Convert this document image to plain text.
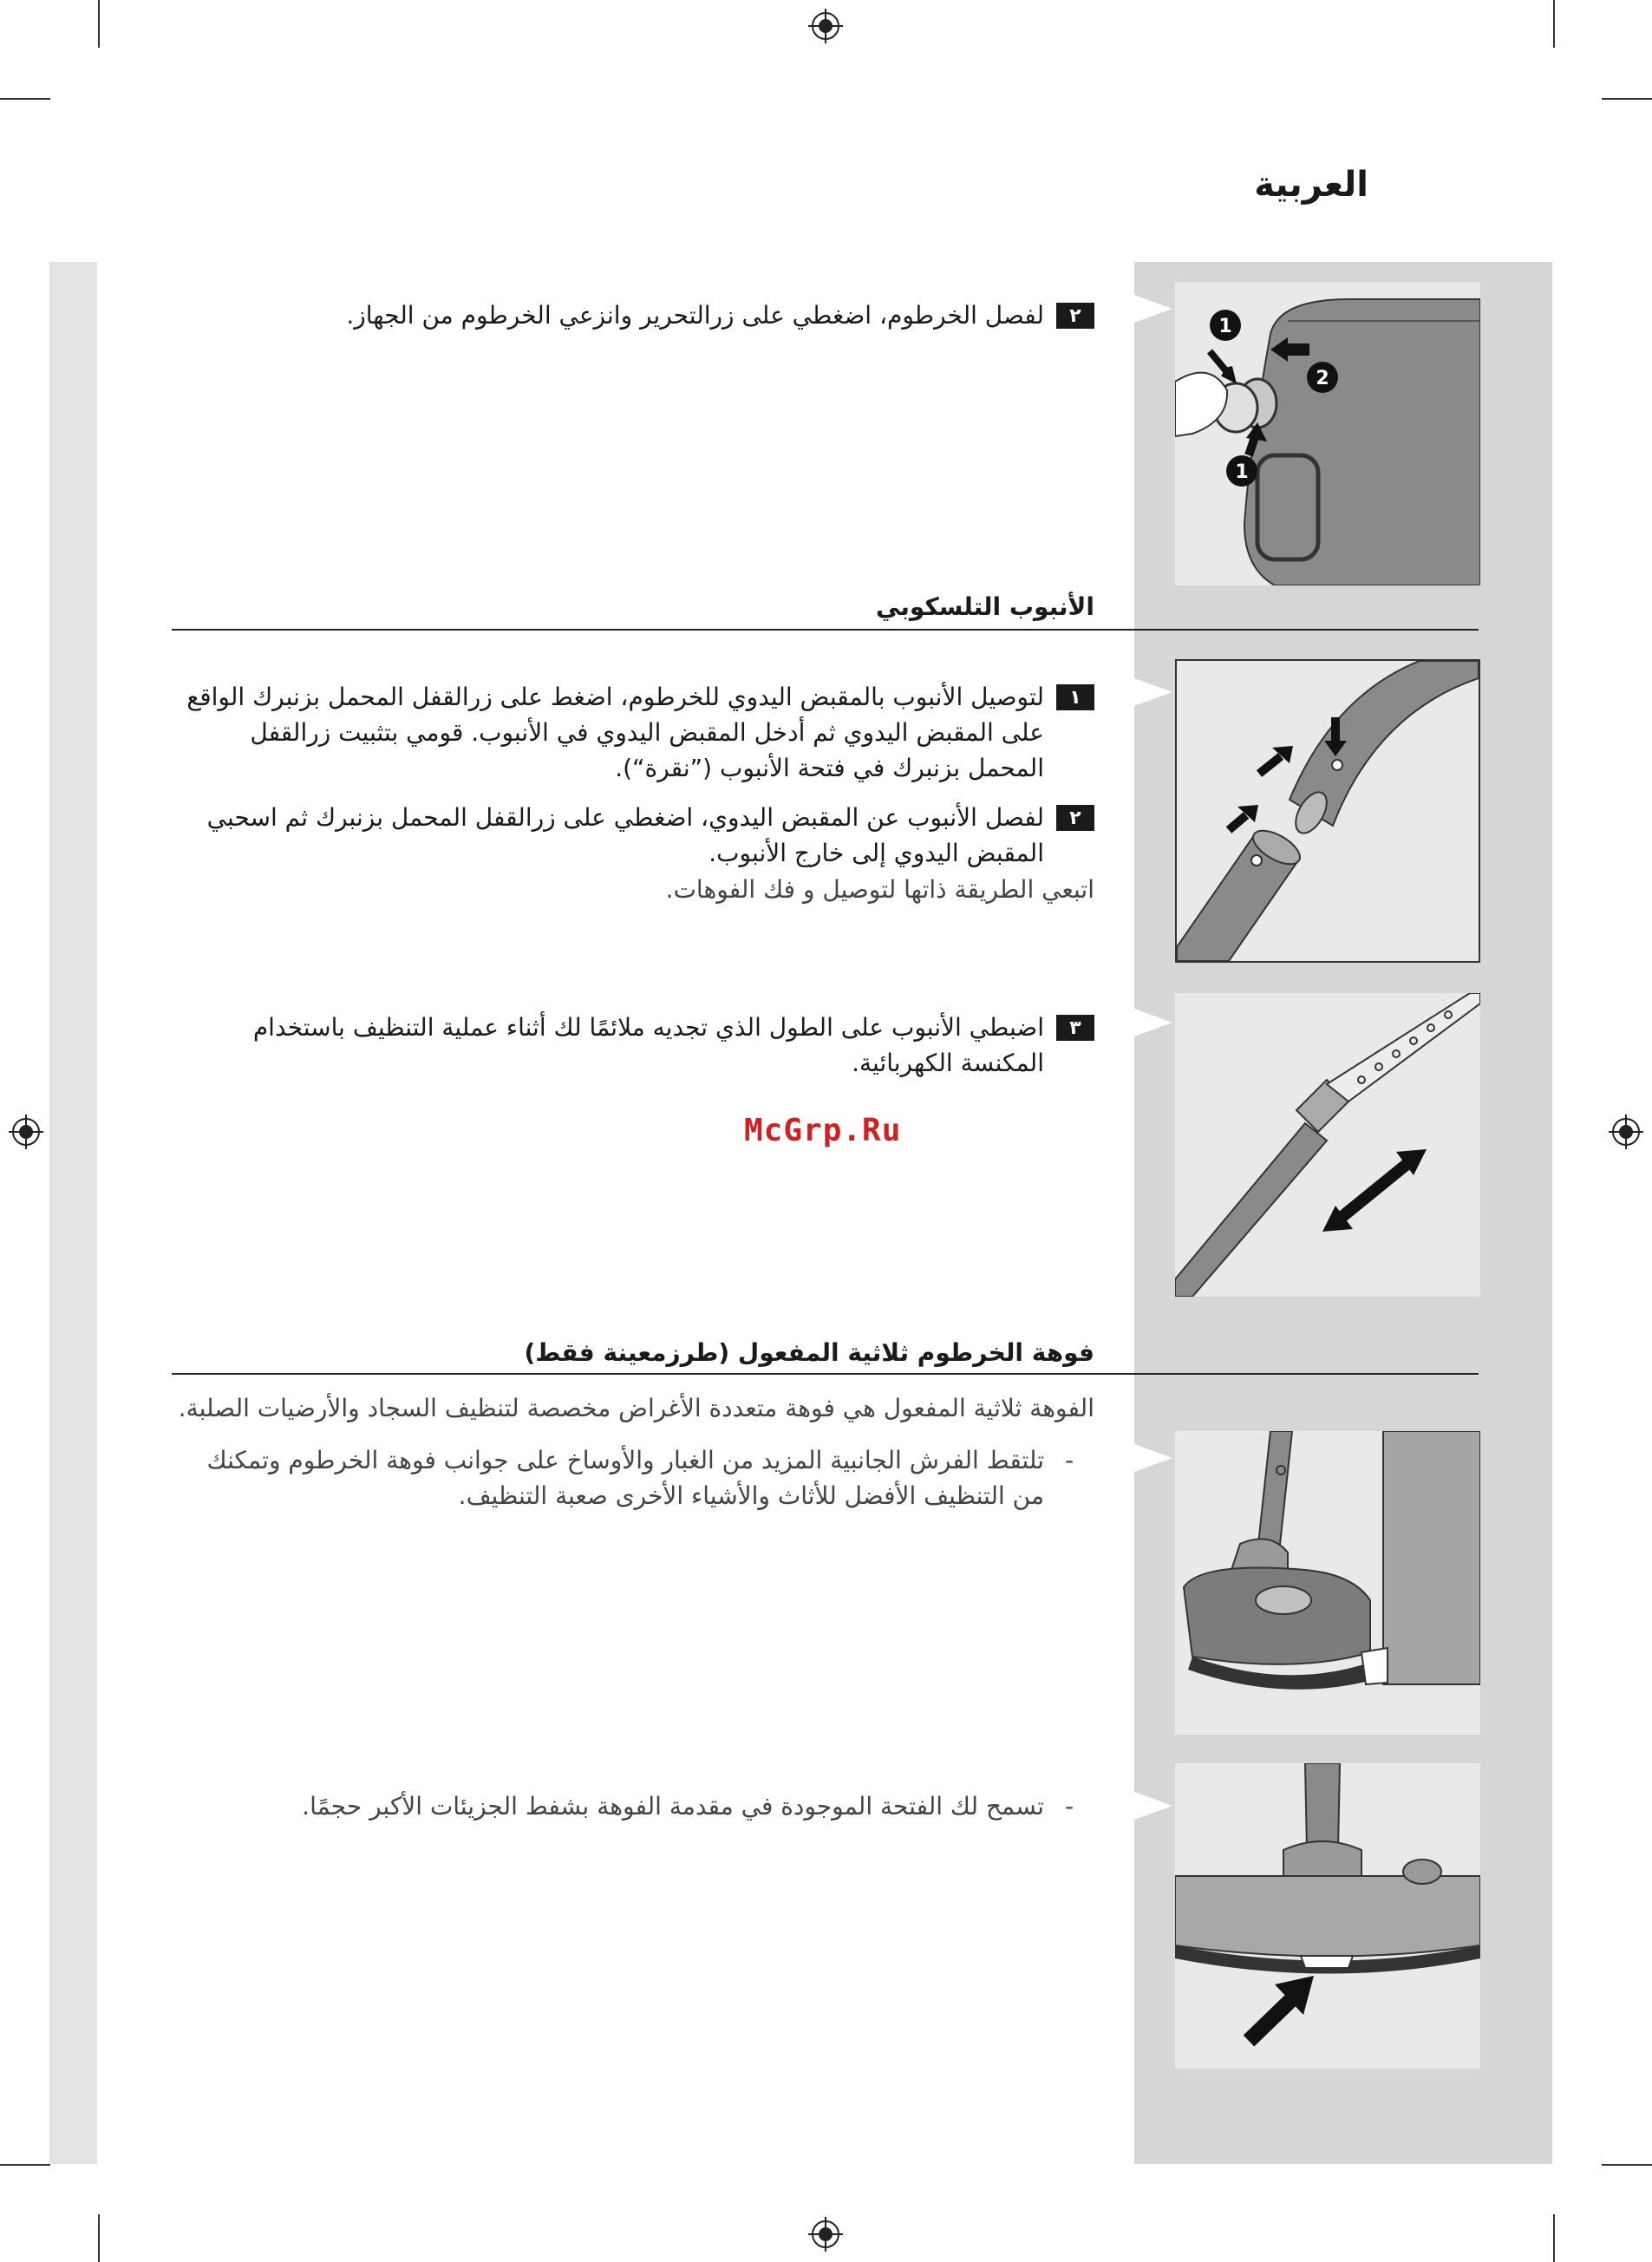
العربية
٢
لفصل الخرطوم، اضغطي على زرالتحرير وانزعي الخرطوم من الجهاز.	1
2
1
الأنبوب التلسكوبي
١
لتوصيل الأنبوب بالمقبض اليدوي للخرطوم، اضغط على زرالقفل المحمل بزنبرك الواقع على المقبض اليدوي ثم أدخل المقبض اليدوي في الأنبوب. قومي بتثبيت زرالقفل المحمل بزنبرك في فتحة الأنبوب (”نقرة“).
٢
لفصل الأنبوب عن المقبض اليدوي، اضغطي على زرالقفل المحمل بزنبرك ثم اسحبي المقبض اليدوي إلى خارج الأنبوب.
اتبعي الطريقة ذاتها لتوصيل و فك الفوهات.
٣
اضبطي الأنبوب على الطول الذي تجديه ملائمًا لك أثناء عملية التنظيف باستخدام المكنسة الكهربائية.
McGrp.Ru
فوهة الخرطوم ثلاثية المفعول (طرزمعينة فقط)
الفوهة ثلاثية المفعول هي فوهة متعددة الأغراض مخصصة لتنظيف السجاد والأرضيات الصلبة.
-
تلتقط الفرش الجانبية المزيد من الغبار والأوساخ على جوانب فوهة الخرطوم وتمكنك من التنظيف الأفضل للأثاث والأشياء الأخرى صعبة التنظيف.
-
تسمح لك الفتحة الموجودة في مقدمة الفوهة بشفط الجزيئات الأكبر حجمًا.
